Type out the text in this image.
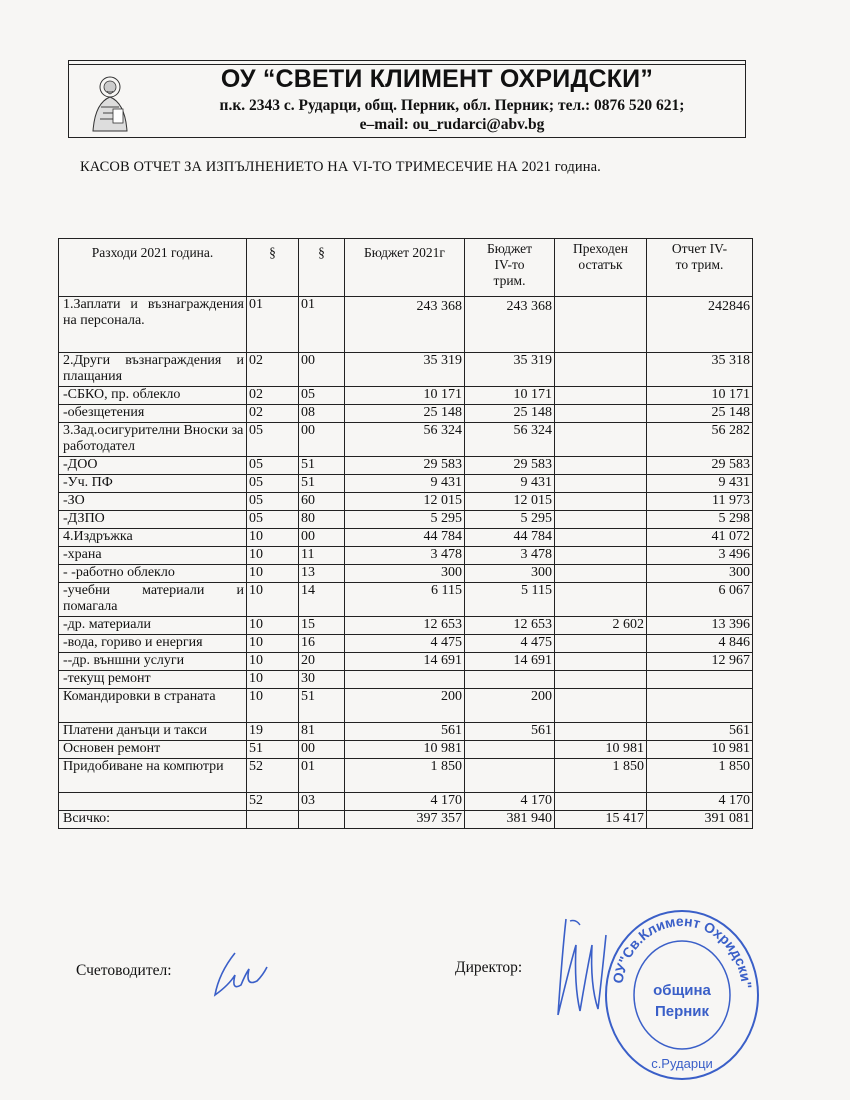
ОУ “СВЕТИ КЛИМЕНТ ОХРИДСКИ”
п.к. 2343 с. Рударци, общ. Перник, обл. Перник; тел.: 0876 520 621;
e–mail: ou_rudarci@abv.bg
КАСОВ ОТЧЕТ ЗА ИЗПЪЛНЕНИЕТО НА VI-ТО ТРИМЕСЕЧИЕ НА 2021 година.
Разходи 2021 година.	§	§	Бюджет 2021г	Бюджет IV-то трим.	Преходен остатък	Отчет IV-то трим.
1.Заплати и възнаграждения на персонала.	01	01	243 368	243 368		242846
2.Други възнаграждения и плащания	02	00	35 319	35 319		35 318
-СБКО, пр. облекло	02	05	10 171	10 171		10 171
-обезщетения	02	08	25 148	25 148		25 148
3.Зад.осигурителни Вноски за работодател	05	00	56 324	56 324		56 282
-ДОО	05	51	29 583	29 583		29 583
-Уч. ПФ	05	51	9 431	9 431		9 431
-ЗО	05	60	12 015	12 015		11 973
-ДЗПО	05	80	5 295	5 295		5 298
4.Издръжка	10	00	44 784	44 784		41 072
-храна	10	11	3 478	3 478		3 496
- -работно облекло	10	13	300	300		300
-учебни материали и помагала	10	14	6 115	5 115		6 067
-др. материали	10	15	12 653	12 653	2 602	13 396
-вода, гориво и енергия	10	16	4 475	4 475		4 846
--др. външни услуги	10	20	14 691	14 691		12 967
-текущ ремонт	10	30				
Командировки в страната	10	51	200	200		
Платени данъци и такси	19	81	561	561		561
Основен ремонт	51	00	10 981		10 981	10 981
Придобиване на компютри	52	01	1 850		1 850	1 850
	52	03	4 170	4 170		4 170
Всичко:			397 357	381 940	15 417	391 081
Счетоводител:	Директор:
ОУ"Св.Климент Охридски"
община
Перник
с.Рударци
